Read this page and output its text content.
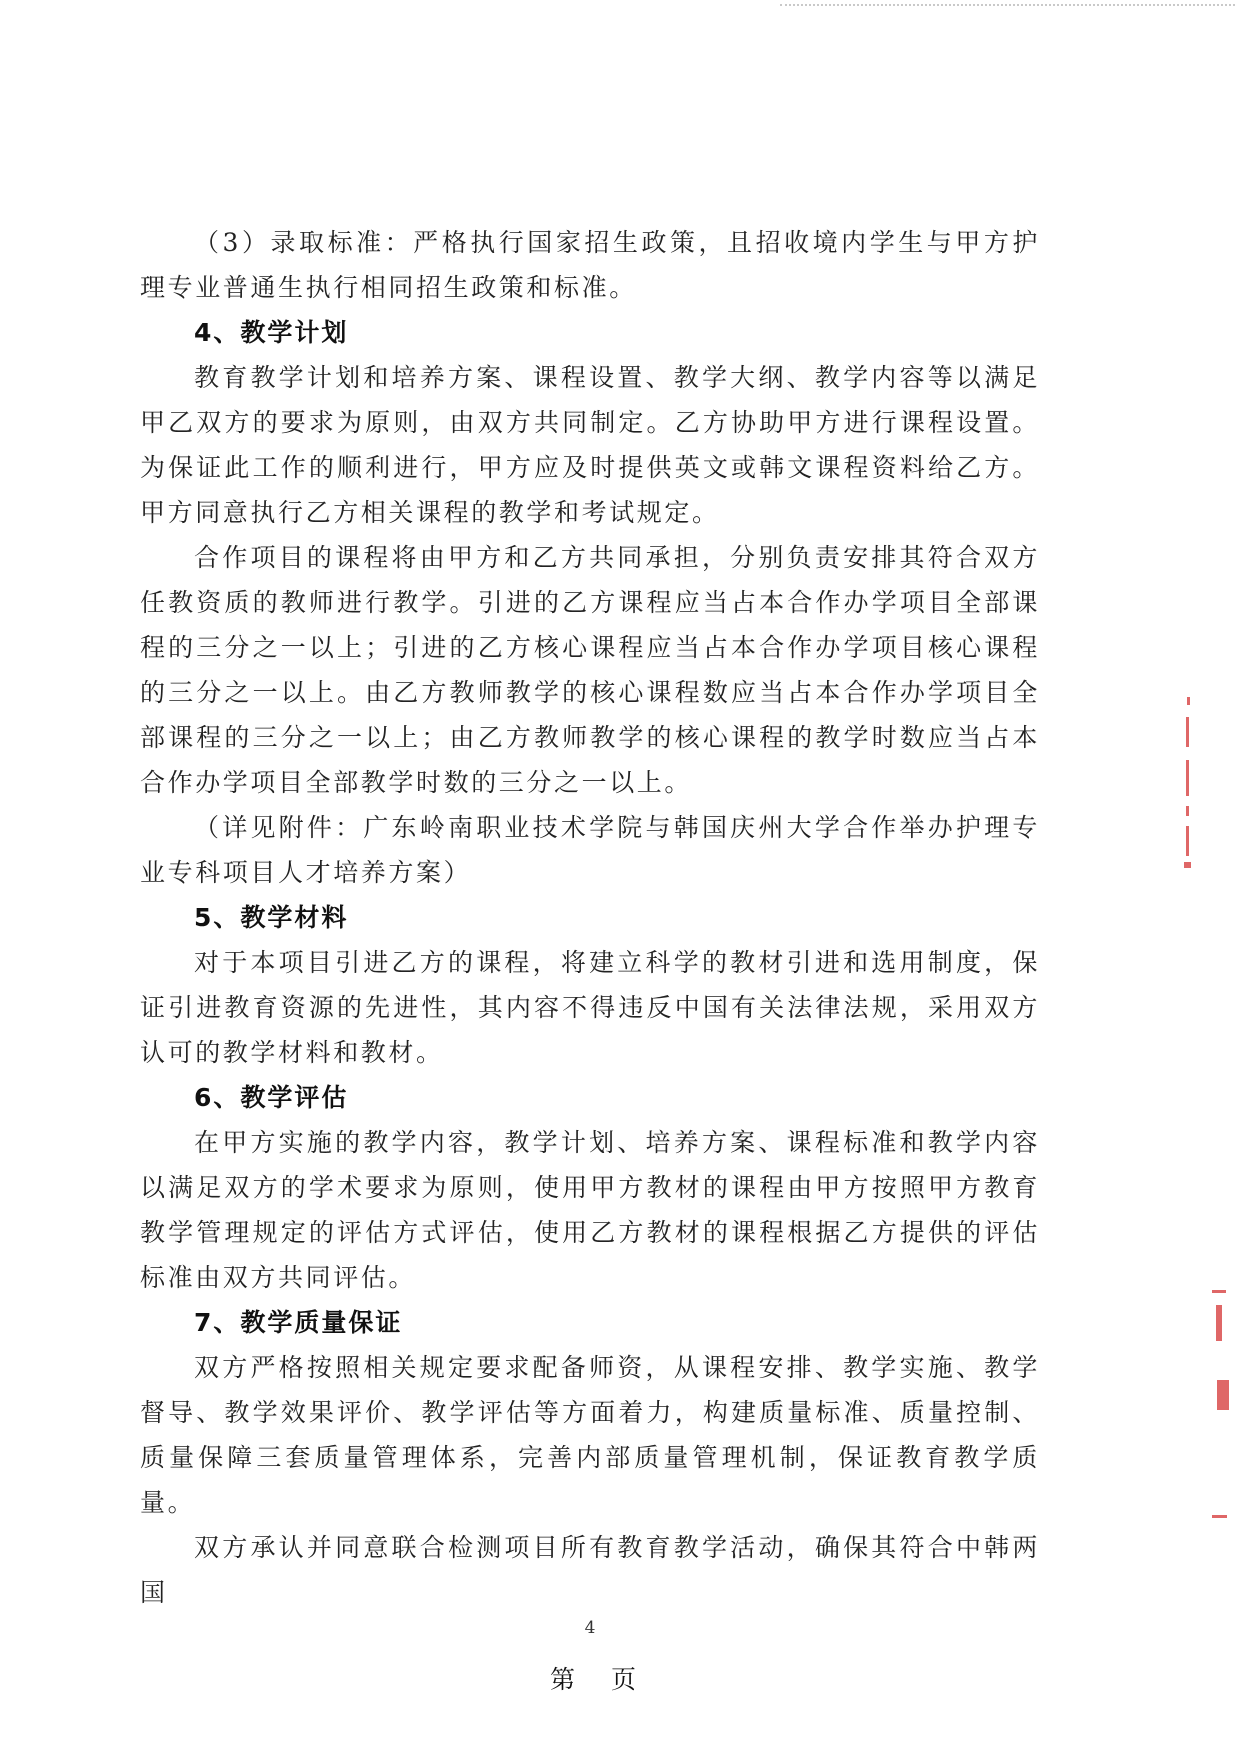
（3）录取标准：严格执行国家招生政策，且招收境内学生与甲方护理专业普通生执行相同招生政策和标准。

4、教学计划

教育教学计划和培养方案、课程设置、教学大纲、教学内容等以满足甲乙双方的要求为原则，由双方共同制定。乙方协助甲方进行课程设置。为保证此工作的顺利进行，甲方应及时提供英文或韩文课程资料给乙方。甲方同意执行乙方相关课程的教学和考试规定。

合作项目的课程将由甲方和乙方共同承担，分别负责安排其符合双方任教资质的教师进行教学。引进的乙方课程应当占本合作办学项目全部课程的三分之一以上；引进的乙方核心课程应当占本合作办学项目核心课程的三分之一以上。由乙方教师教学的核心课程数应当占本合作办学项目全部课程的三分之一以上；由乙方教师教学的核心课程的教学时数应当占本合作办学项目全部教学时数的三分之一以上。

（详见附件：广东岭南职业技术学院与韩国庆州大学合作举办护理专业专科项目人才培养方案）

5、教学材料

对于本项目引进乙方的课程，将建立科学的教材引进和选用制度，保证引进教育资源的先进性，其内容不得违反中国有关法律法规，采用双方认可的教学材料和教材。

6、教学评估

在甲方实施的教学内容，教学计划、培养方案、课程标准和教学内容以满足双方的学术要求为原则，使用甲方教材的课程由甲方按照甲方教育教学管理规定的评估方式评估，使用乙方教材的课程根据乙方提供的评估标准由双方共同评估。

7、教学质量保证

双方严格按照相关规定要求配备师资，从课程安排、教学实施、教学督导、教学效果评价、教学评估等方面着力，构建质量标准、质量控制、质量保障三套质量管理体系，完善内部质量管理机制，保证教育教学质量。

双方承认并同意联合检测项目所有教育教学活动，确保其符合中韩两国

4
第 页
